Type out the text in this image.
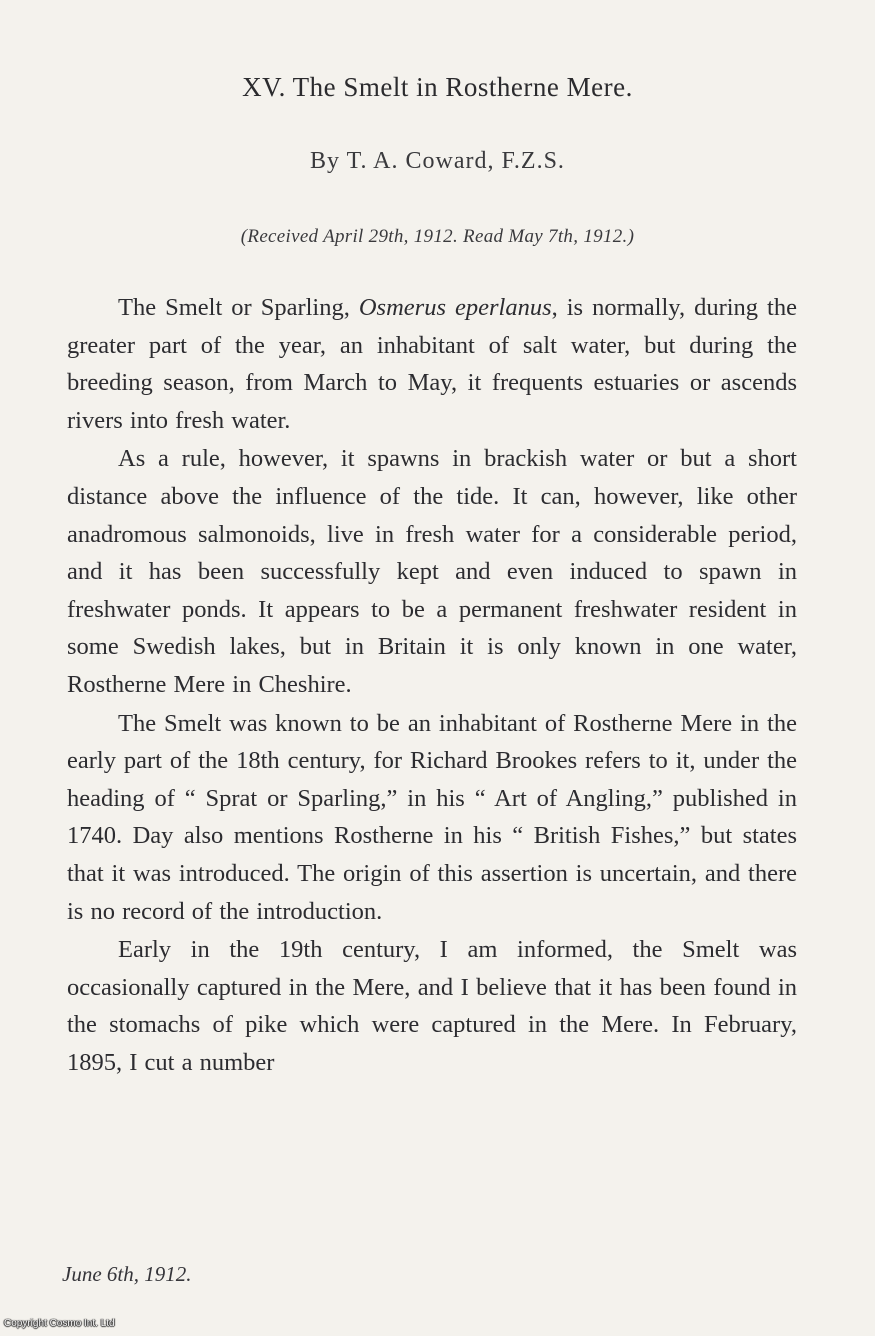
XV. The Smelt in Rostherne Mere.
By T. A. Coward, F.Z.S.
(Received April 29th, 1912. Read May 7th, 1912.)

The Smelt or Sparling, Osmerus eperlanus, is normally, during the greater part of the year, an inhabitant of salt water, but during the breeding season, from March to May, it frequents estuaries or ascends rivers into fresh water.

As a rule, however, it spawns in brackish water or but a short distance above the influence of the tide. It can, however, like other anadromous salmonoids, live in fresh water for a considerable period, and it has been successfully kept and even induced to spawn in freshwater ponds. It appears to be a permanent freshwater resident in some Swedish lakes, but in Britain it is only known in one water, Rostherne Mere in Cheshire.

The Smelt was known to be an inhabitant of Rostherne Mere in the early part of the 18th century, for Richard Brookes refers to it, under the heading of “ Sprat or Sparling,” in his “ Art of Angling,” published in 1740. Day also mentions Rostherne in his “ British Fishes,” but states that it was introduced. The origin of this assertion is uncertain, and there is no record of the introduction.

Early in the 19th century, I am informed, the Smelt was occasionally captured in the Mere, and I believe that it has been found in the stomachs of pike which were captured in the Mere. In February, 1895, I cut a number

June 6th, 1912.
Copyright Cosmo Int. Ltd
